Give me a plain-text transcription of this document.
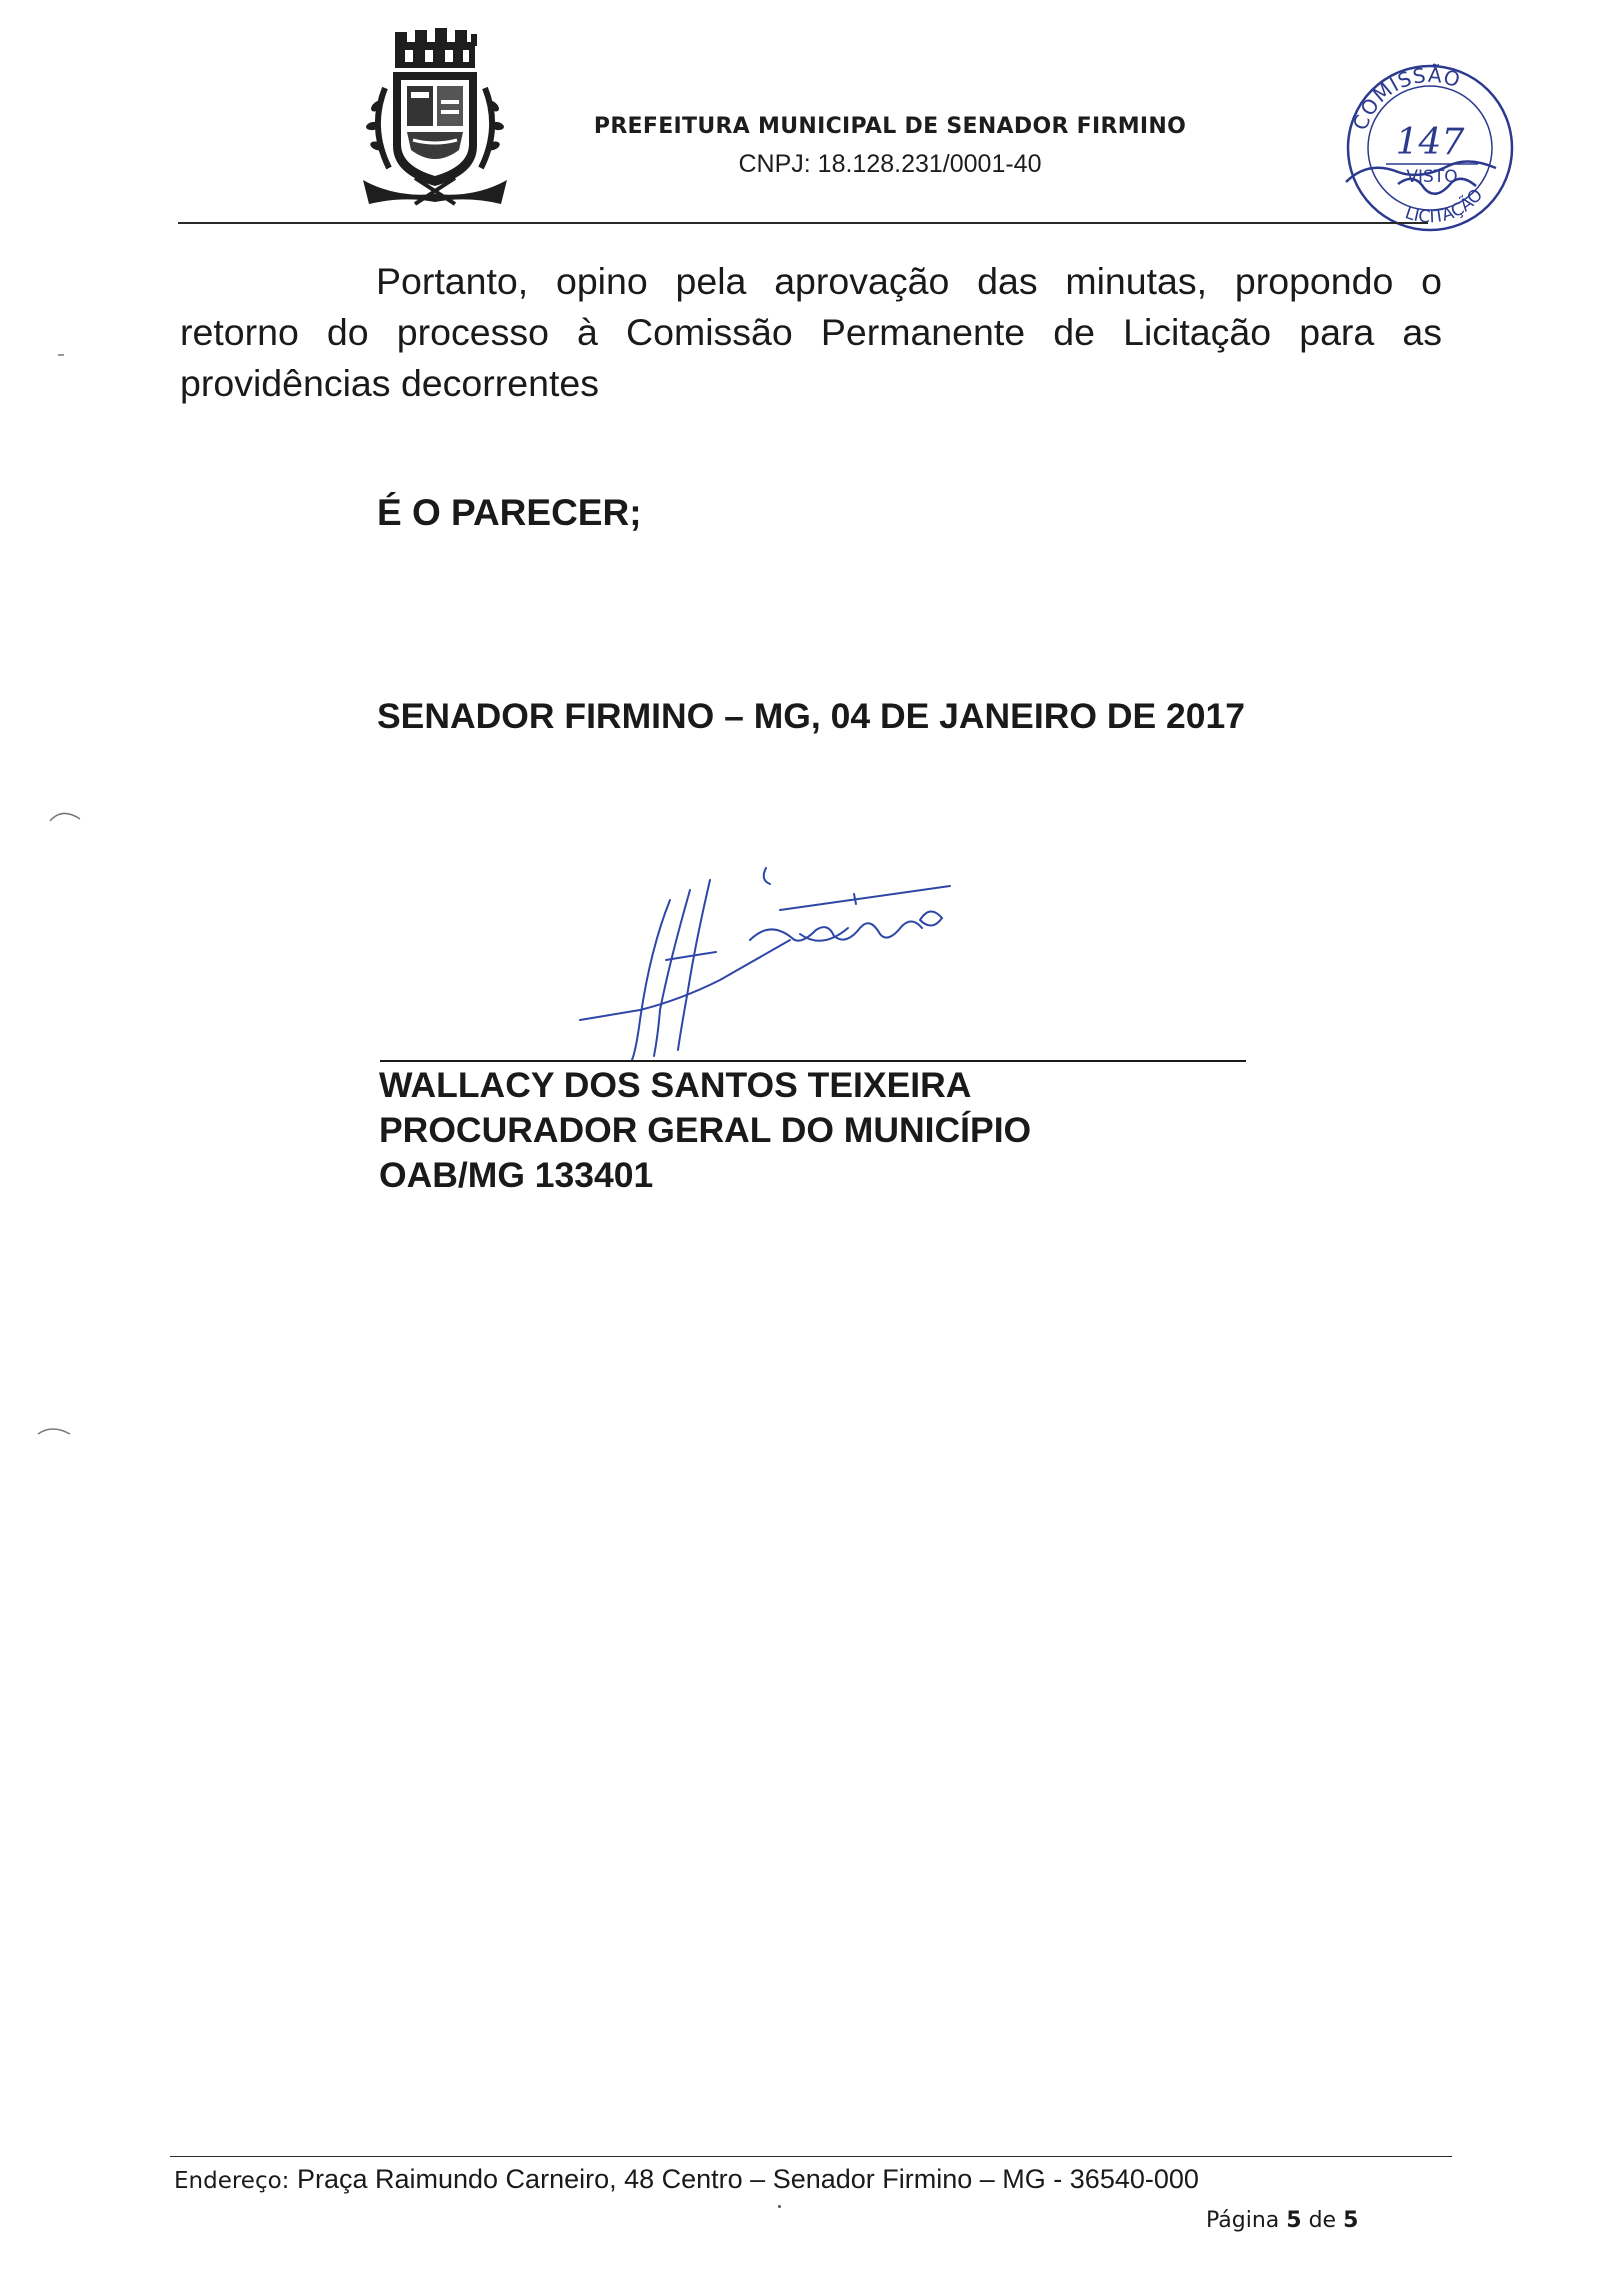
PREFEITURA MUNICIPAL DE SENADOR FIRMINO
CNPJ: 18.128.231/0001-40
COMISSÃO
147
VISTO
LICITAÇÃO
Portanto, opino pela aprovação das minutas, propondo o retorno do processo à Comissão Permanente de Licitação para as providências decorrentes
É O PARECER;
SENADOR FIRMINO – MG, 04 DE JANEIRO DE 2017
WALLACY DOS SANTOS TEIXEIRA
PROCURADOR GERAL DO MUNICÍPIO
OAB/MG 133401
Endereço: Praça Raimundo Carneiro, 48 Centro – Senador Firmino – MG - 36540-000
Página 5 de 5
